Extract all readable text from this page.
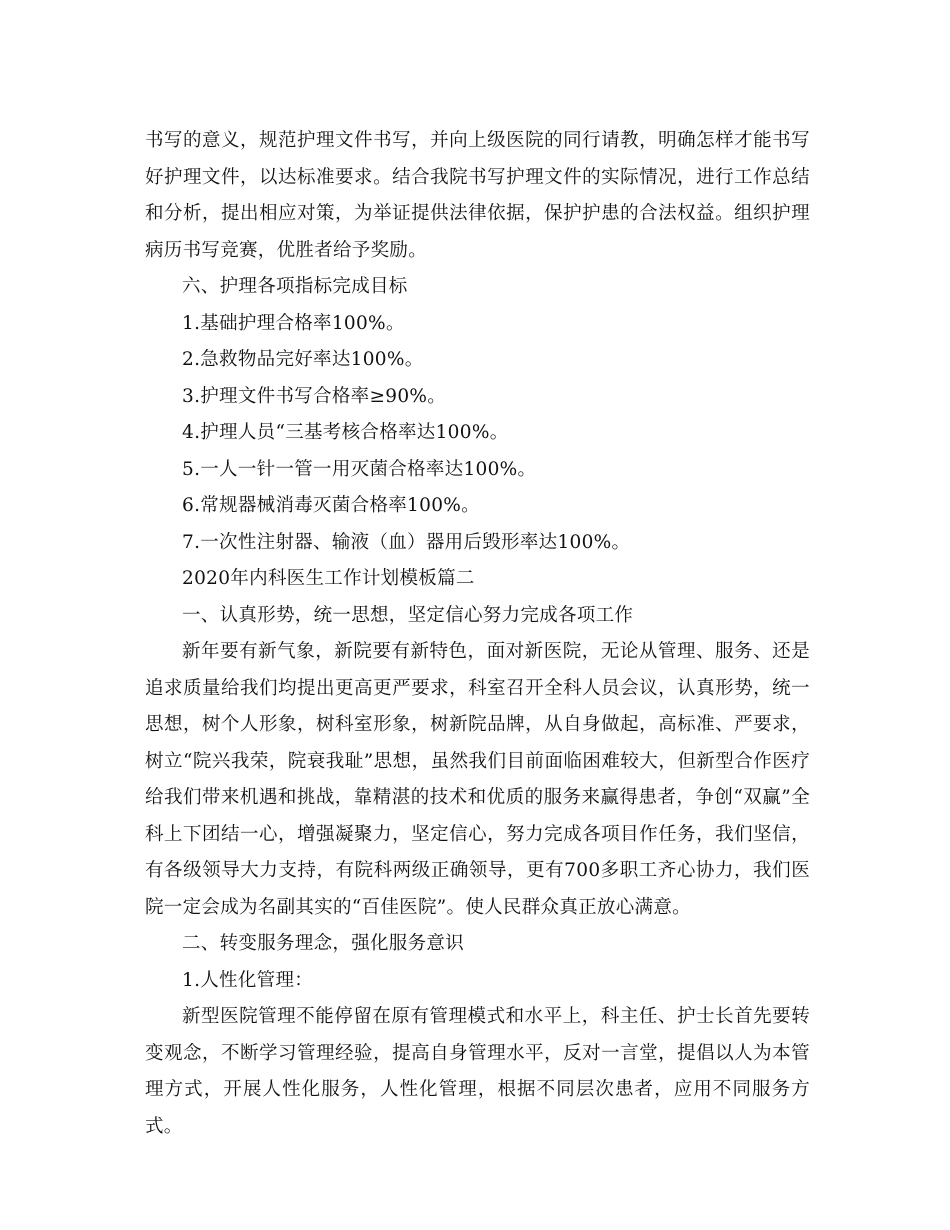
书写的意义，规范护理文件书写，并向上级医院的同行请教，明确怎样才能书写好护理文件，以达标准要求。结合我院书写护理文件的实际情况，进行工作总结和分析，提出相应对策，为举证提供法律依据，保护护患的合法权益。组织护理病历书写竞赛，优胜者给予奖励。

六、护理各项指标完成目标

1.基础护理合格率100%。

2.急救物品完好率达100%。

3.护理文件书写合格率≥90%。

4.护理人员“三基考核合格率达100%。

5.一人一针一管一用灭菌合格率达100%。

6.常规器械消毒灭菌合格率100%。

7.一次性注射器、输液（血）器用后毁形率达100%。

2020年内科医生工作计划模板篇二

一、认真形势，统一思想，坚定信心努力完成各项工作

新年要有新气象，新院要有新特色，面对新医院，无论从管理、服务、还是追求质量给我们均提出更高更严要求，科室召开全科人员会议，认真形势，统一思想，树个人形象，树科室形象，树新院品牌，从自身做起，高标准、严要求，树立“院兴我荣，院衰我耻”思想，虽然我们目前面临困难较大，但新型合作医疗给我们带来机遇和挑战，靠精湛的技术和优质的服务来赢得患者，争创“双赢”全科上下团结一心，增强凝聚力，坚定信心，努力完成各项目作任务，我们坚信，有各级领导大力支持，有院科两级正确领导，更有700多职工齐心协力，我们医院一定会成为名副其实的“百佳医院”。使人民群众真正放心满意。

二、转变服务理念，强化服务意识

1.人性化管理：

新型医院管理不能停留在原有管理模式和水平上，科主任、护士长首先要转变观念，不断学习管理经验，提高自身管理水平，反对一言堂，提倡以人为本管理方式，开展人性化服务，人性化管理，根据不同层次患者，应用不同服务方式。
